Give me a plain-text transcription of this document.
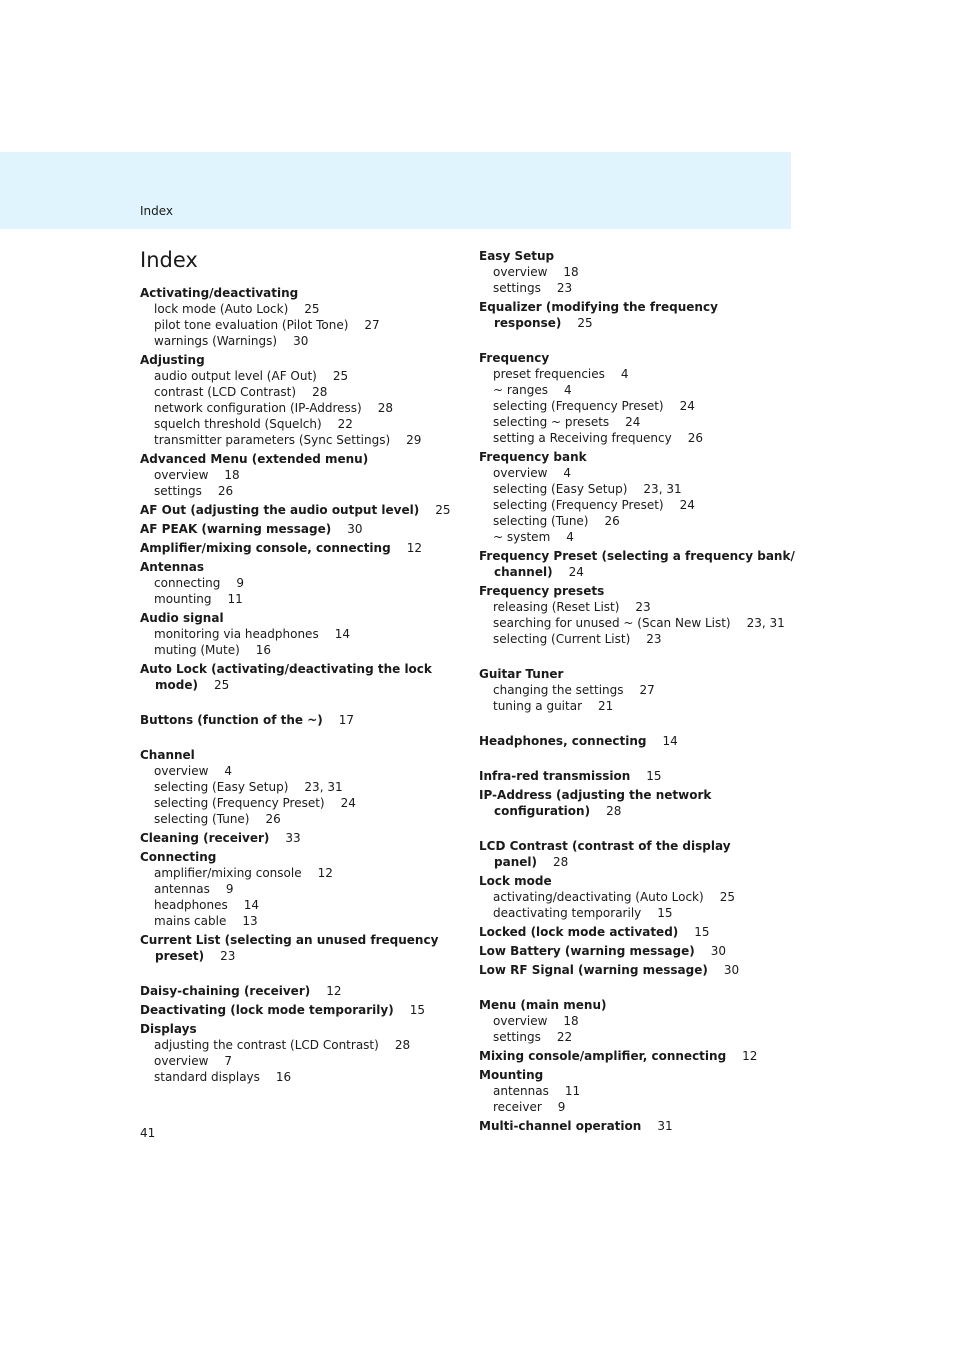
Index
Index
Activating/deactivating
lock mode (Auto Lock) 25
pilot tone evaluation (Pilot Tone) 27
warnings (Warnings) 30
Adjusting
audio output level (AF Out) 25
contrast (LCD Contrast) 28
network configuration (IP-Address) 28
squelch threshold (Squelch) 22
transmitter parameters (Sync Settings) 29
Advanced Menu (extended menu)
overview 18
settings 26
AF Out (adjusting the audio output level) 25
AF PEAK (warning message) 30
Amplifier/mixing console, connecting 12
Antennas
connecting 9
mounting 11
Audio signal
monitoring via headphones 14
muting (Mute) 16
Auto Lock (activating/deactivating the lock mode) 25
Buttons (function of the ~) 17
Channel
overview 4
selecting (Easy Setup) 23, 31
selecting (Frequency Preset) 24
selecting (Tune) 26
Cleaning (receiver) 33
Connecting
amplifier/mixing console 12
antennas 9
headphones 14
mains cable 13
Current List (selecting an unused frequency preset) 23
Daisy-chaining (receiver) 12
Deactivating (lock mode temporarily) 15
Displays
adjusting the contrast (LCD Contrast) 28
overview 7
standard displays 16
Easy Setup
overview 18
settings 23
Equalizer (modifying the frequency response) 25
Frequency
preset frequencies 4
~ ranges 4
selecting (Frequency Preset) 24
selecting ~ presets 24
setting a Receiving frequency 26
Frequency bank
overview 4
selecting (Easy Setup) 23, 31
selecting (Frequency Preset) 24
selecting (Tune) 26
~ system 4
Frequency Preset (selecting a frequency bank/ channel) 24
Frequency presets
releasing (Reset List) 23
searching for unused ~ (Scan New List) 23, 31
selecting (Current List) 23
Guitar Tuner
changing the settings 27
tuning a guitar 21
Headphones, connecting 14
Infra-red transmission 15
IP-Address (adjusting the network configuration) 28
LCD Contrast (contrast of the display panel) 28
Lock mode
activating/deactivating (Auto Lock) 25
deactivating temporarily 15
Locked (lock mode activated) 15
Low Battery (warning message) 30
Low RF Signal (warning message) 30
Menu (main menu)
overview 18
settings 22
Mixing console/amplifier, connecting 12
Mounting
antennas 11
receiver 9
Multi-channel operation 31
41
